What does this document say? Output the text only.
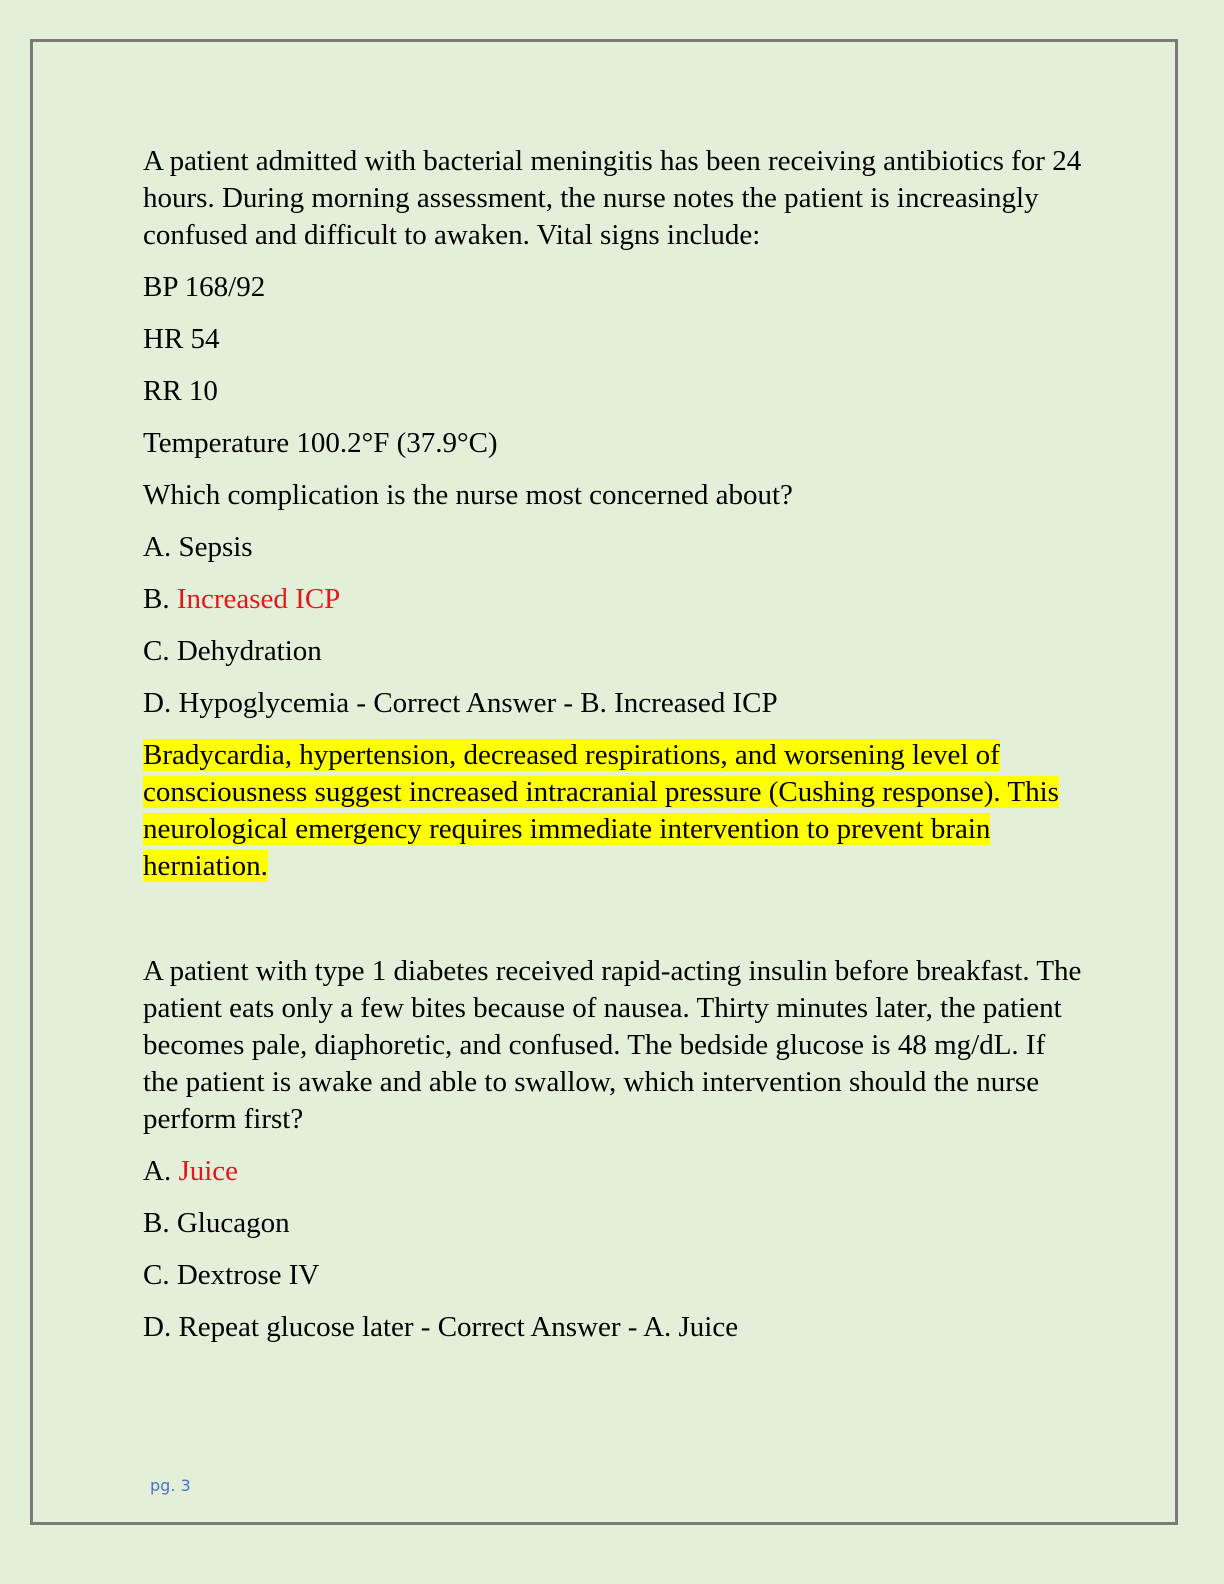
A patient admitted with bacterial meningitis has been receiving antibiotics for 24 hours. During morning assessment, the nurse notes the patient is increasingly confused and difficult to awaken. Vital signs include:

BP 168/92

HR 54

RR 10

Temperature 100.2°F (37.9°C)

Which complication is the nurse most concerned about?

A. Sepsis

B. Increased ICP

C. Dehydration

D. Hypoglycemia - Correct Answer - B. Increased ICP

Bradycardia, hypertension, decreased respirations, and worsening level of consciousness suggest increased intracranial pressure (Cushing response). This neurological emergency requires immediate intervention to prevent brain herniation.

A patient with type 1 diabetes received rapid-acting insulin before breakfast. The patient eats only a few bites because of nausea. Thirty minutes later, the patient becomes pale, diaphoretic, and confused. The bedside glucose is 48 mg/dL. If the patient is awake and able to swallow, which intervention should the nurse perform first?

A. Juice

B. Glucagon

C. Dextrose IV

D. Repeat glucose later - Correct Answer - A. Juice

pg. 3
